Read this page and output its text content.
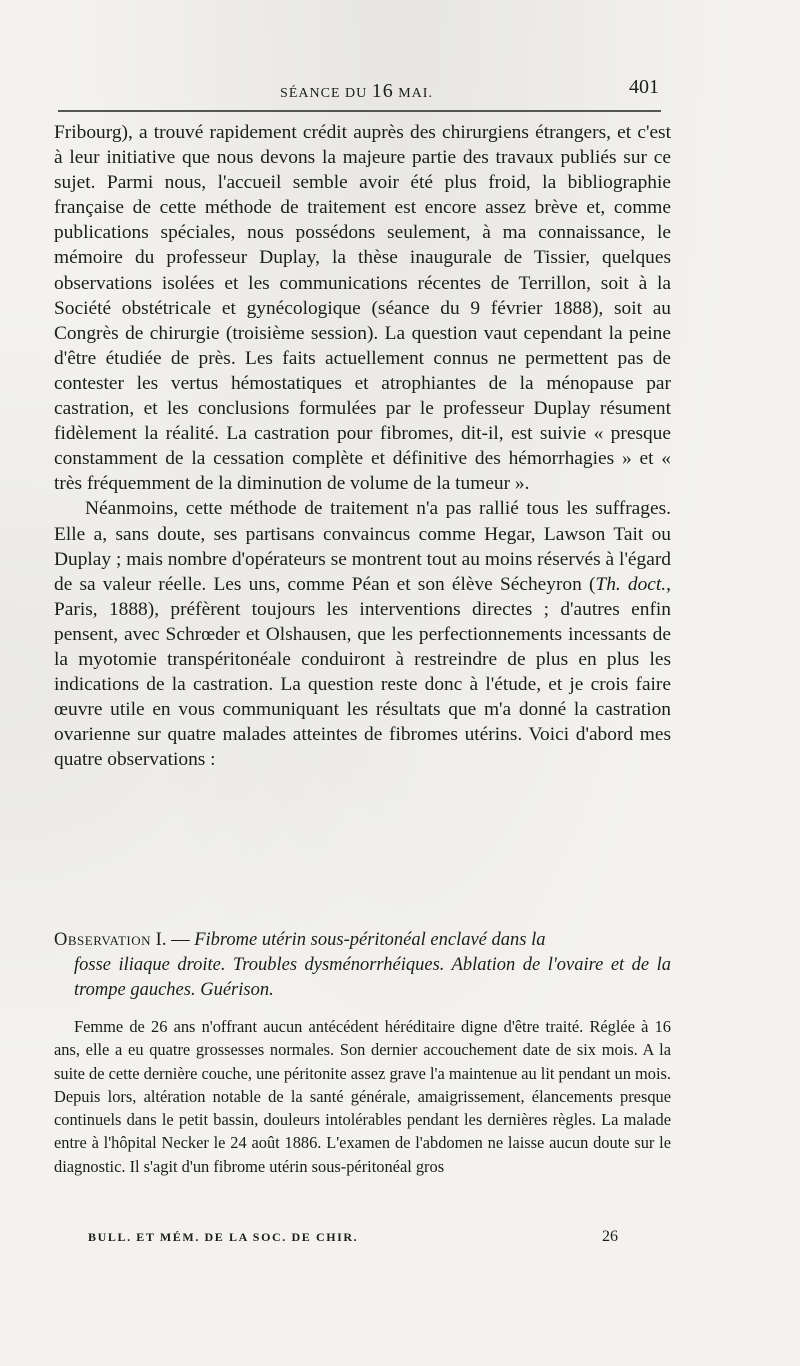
SÉANCE DU 16 MAI.	401

Fribourg), a trouvé rapidement crédit auprès des chirurgiens étrangers, et c'est à leur initiative que nous devons la majeure partie des travaux publiés sur ce sujet. Parmi nous, l'accueil semble avoir été plus froid, la bibliographie française de cette méthode de traitement est encore assez brève et, comme publications spéciales, nous possédons seulement, à ma connaissance, le mémoire du professeur Duplay, la thèse inaugurale de Tissier, quelques observations isolées et les communications récentes de Terrillon, soit à la Société obstétricale et gynécologique (séance du 9 février 1888), soit au Congrès de chirurgie (troisième session). La question vaut cependant la peine d'être étudiée de près. Les faits actuellement connus ne permettent pas de contester les vertus hémostatiques et atrophiantes de la ménopause par castration, et les conclusions formulées par le professeur Duplay résument fidèlement la réalité. La castration pour fibromes, dit-il, est suivie « presque constamment de la cessation complète et définitive des hémorrhagies » et « très fréquemment de la diminution de volume de la tumeur ».

Néanmoins, cette méthode de traitement n'a pas rallié tous les suffrages. Elle a, sans doute, ses partisans convaincus comme Hegar, Lawson Tait ou Duplay ; mais nombre d'opérateurs se montrent tout au moins réservés à l'égard de sa valeur réelle. Les uns, comme Péan et son élève Sécheyron (Th. doct., Paris, 1888), préfèrent toujours les interventions directes ; d'autres enfin pensent, avec Schrœder et Olshausen, que les perfectionnements incessants de la myotomie transpéritonéale conduiront à restreindre de plus en plus les indications de la castration. La question reste donc à l'étude, et je crois faire œuvre utile en vous communiquant les résultats que m'a donné la castration ovarienne sur quatre malades atteintes de fibromes utérins. Voici d'abord mes quatre observations :

Observation I. — Fibrome utérin sous-péritonéal enclavé dans la
fosse iliaque droite. Troubles dysménorrhéiques. Ablation de l'ovaire et de la trompe gauches. Guérison.
Femme de 26 ans n'offrant aucun antécédent héréditaire digne d'être traité. Réglée à 16 ans, elle a eu quatre grossesses normales. Son dernier accouchement date de six mois. A la suite de cette dernière couche, une péritonite assez grave l'a maintenue au lit pendant un mois. Depuis lors, altération notable de la santé générale, amaigrissement, élancements presque continuels dans le petit bassin, douleurs intolérables pendant les dernières règles. La malade entre à l'hôpital Necker le 24 août 1886. L'examen de l'abdomen ne laisse aucun doute sur le diagnostic. Il s'agit d'un fibrome utérin sous-péritonéal gros
BULL. ET MÉM. DE LA SOC. DE CHIR.	26
